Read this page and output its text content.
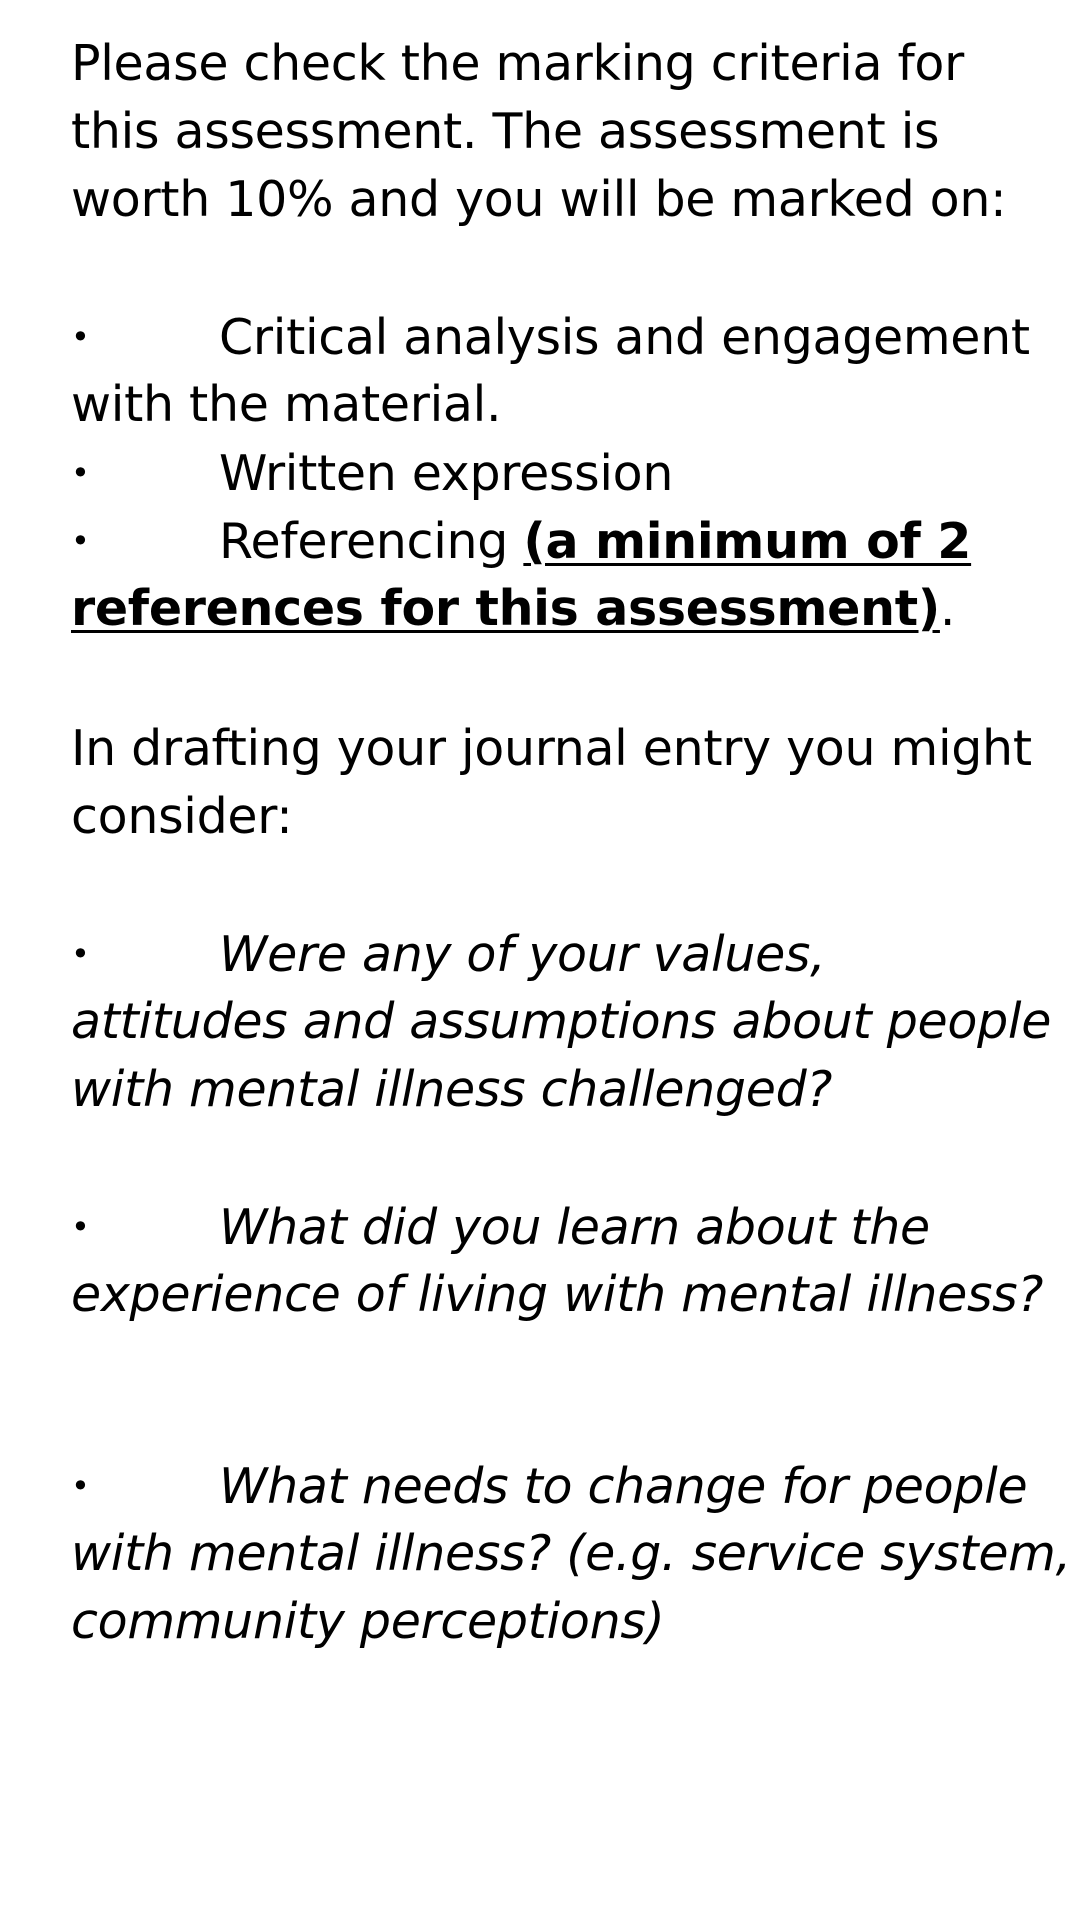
Please check the marking criteria for
this assessment. The assessment is
worth 10% and you will be marked on:
•	Critical analysis and engagement
with the material.
•	Written expression
•	Referencing (a minimum of 2
references for this assessment).
In drafting your journal entry you might
consider:
•	Were any of your values,
attitudes and assumptions about people
with mental illness challenged?
•	What did you learn about the
experience of living with mental illness?
•	What needs to change for people
with mental illness? (e.g. service system,
community perceptions)
